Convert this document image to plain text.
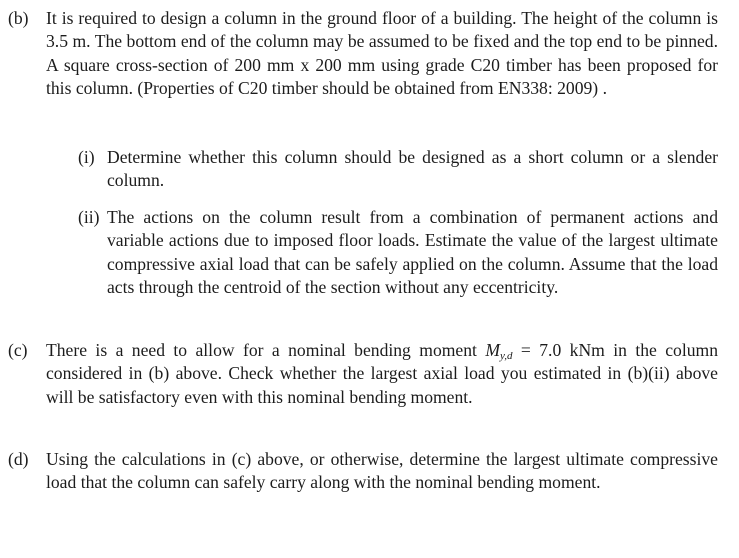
(b) It is required to design a column in the ground floor of a building. The height of the column is 3.5 m. The bottom end of the column may be assumed to be fixed and the top end to be pinned. A square cross-section of 200 mm x 200 mm using grade C20 timber has been proposed for this column. (Properties of C20 timber should be obtained from EN338: 2009) .
(i) Determine whether this column should be designed as a short column or a slender column.
(ii) The actions on the column result from a combination of permanent actions and variable actions due to imposed floor loads. Estimate the value of the largest ultimate compressive axial load that can be safely applied on the column. Assume that the load acts through the centroid of the section without any eccentricity.
(c)	There is a need to allow for a nominal bending moment $M_{y,d} = 7.0$ kNm in the column considered in (b) above. Check whether the largest axial load you estimated in (b)(ii) above will be satisfactory even with this nominal bending moment.
(d) Using the calculations in (c) above, or otherwise, determine the largest ultimate compressive load that the column can safely carry along with the nominal bending moment.
